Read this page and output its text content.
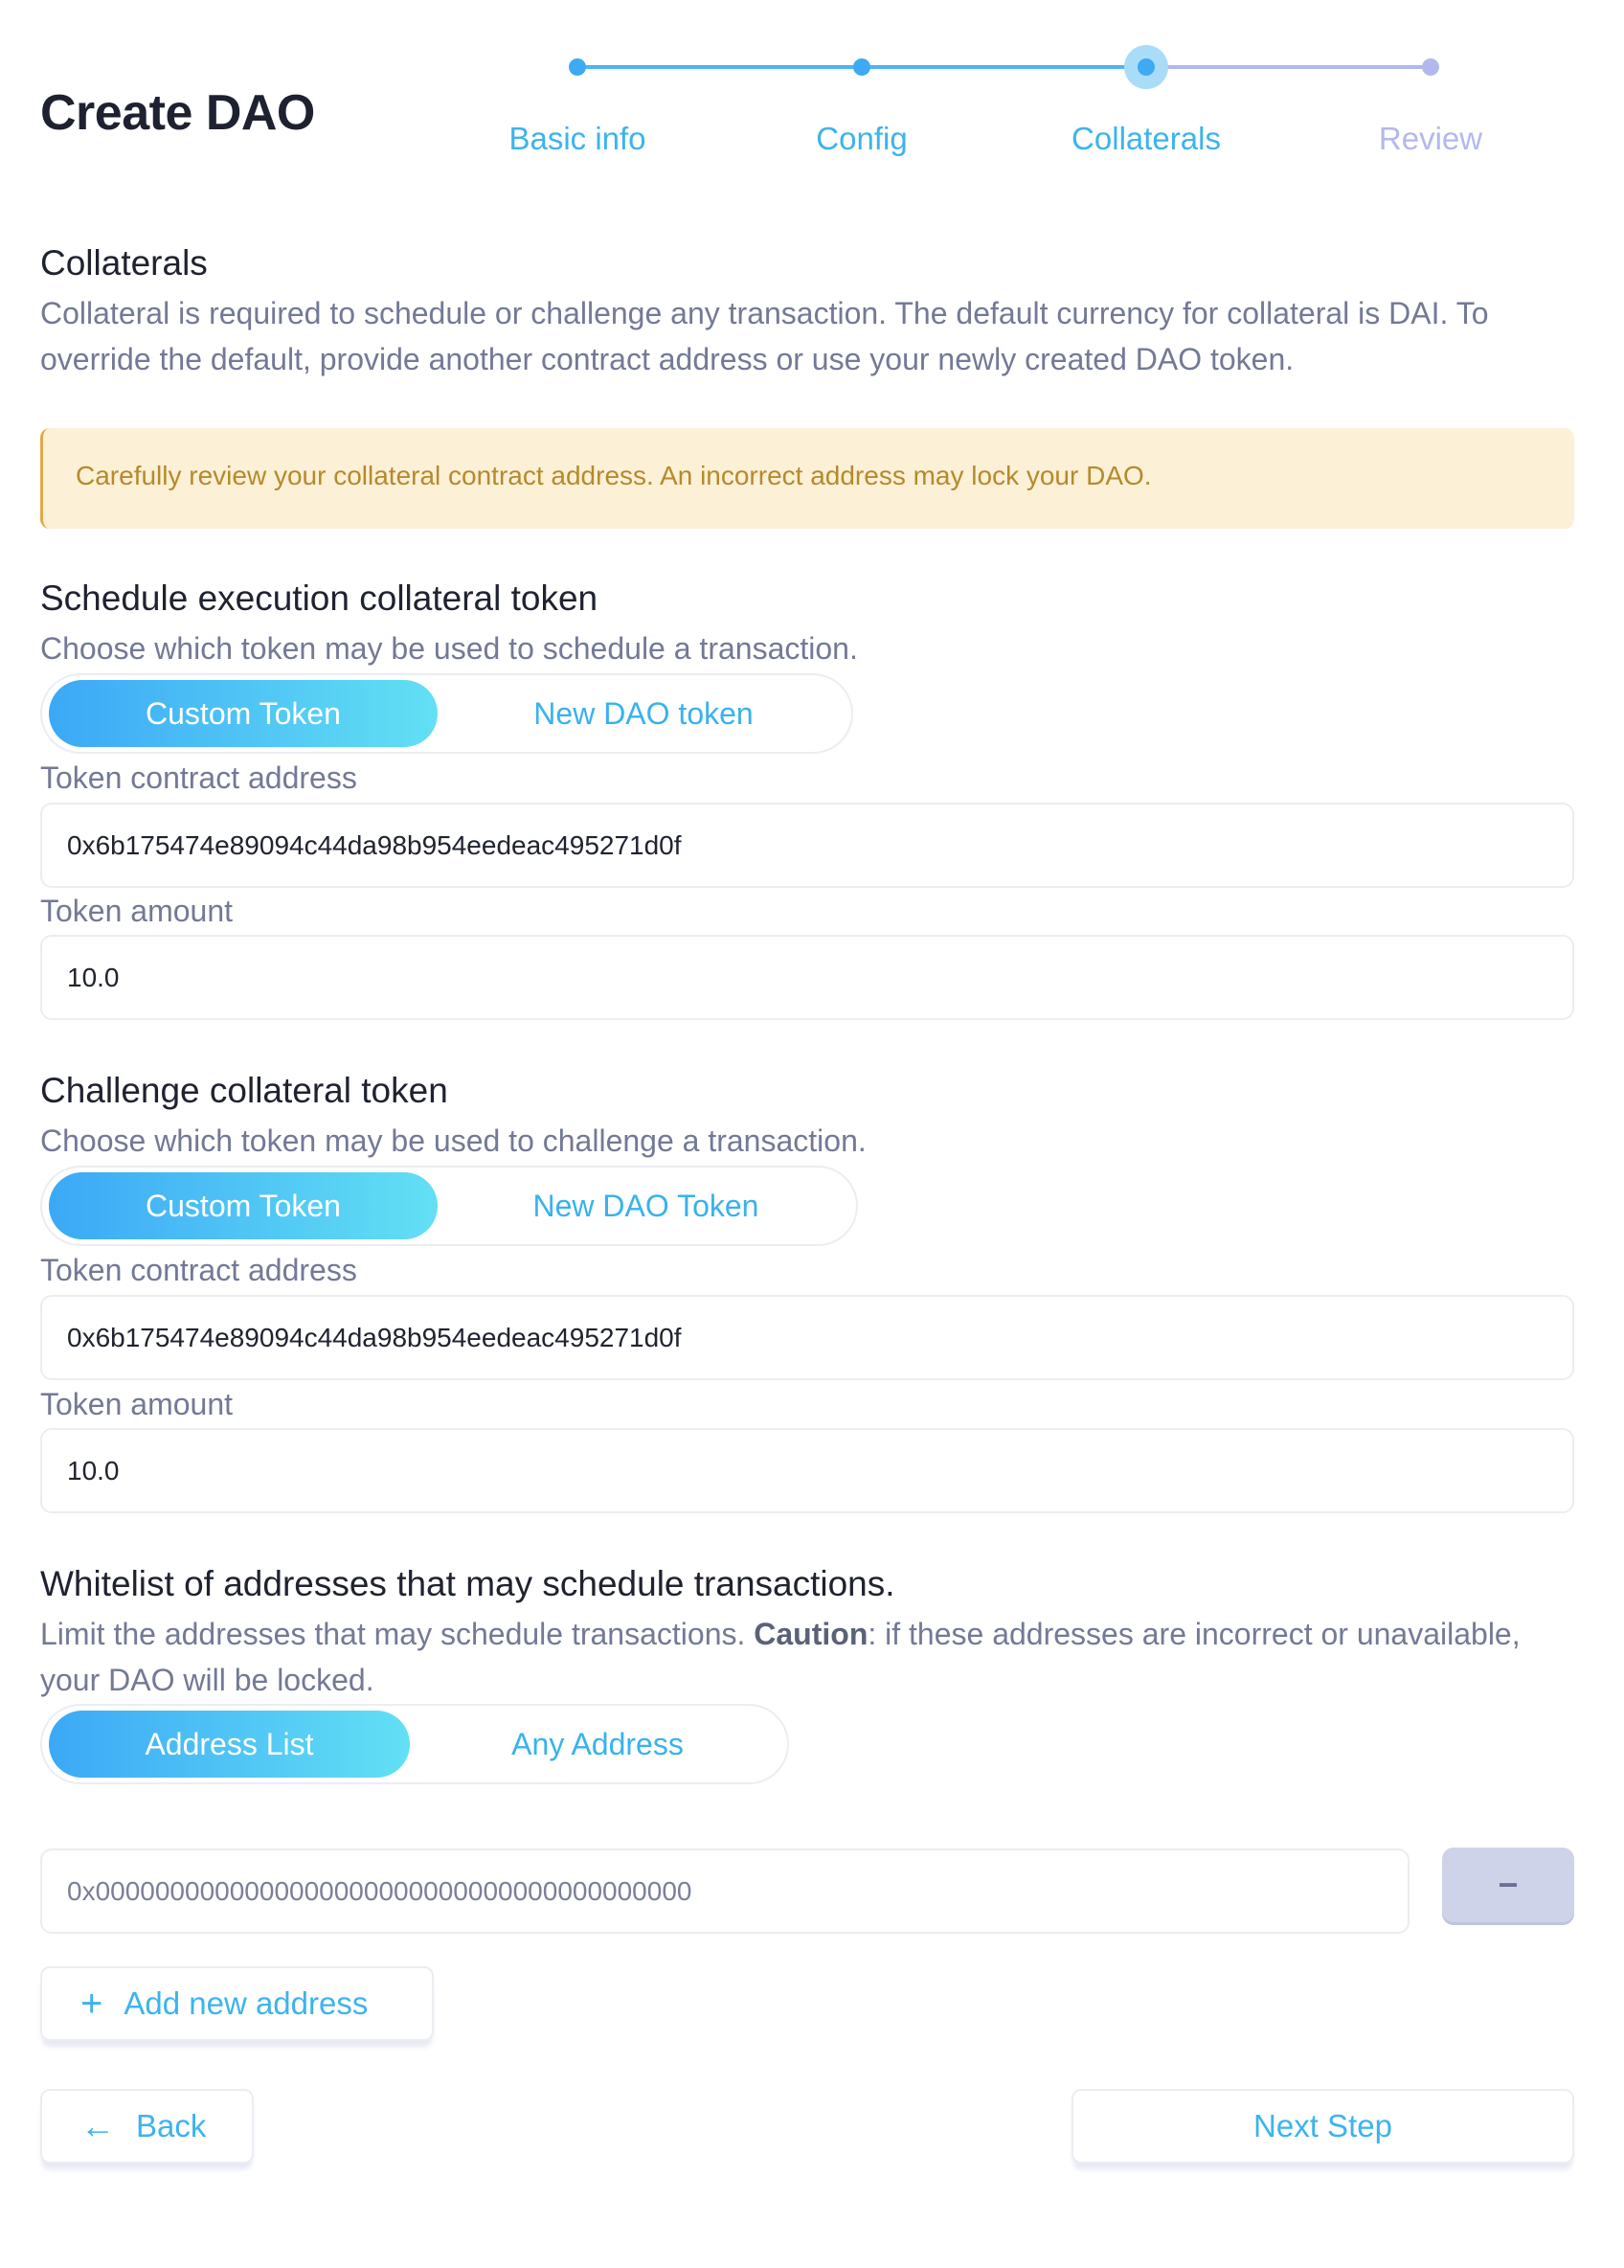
Create DAO	Basic info	Config	Collaterals	Review
Collaterals
Collateral is required to schedule or challenge any transaction. The default currency for collateral is DAI. To override the default, provide another contract address or use your newly created DAO token.
Carefully review your collateral contract address. An incorrect address may lock your DAO.
Schedule execution collateral token
Choose which token may be used to schedule a transaction.
Custom Token	New DAO token
Token contract address
0x6b175474e89094c44da98b954eedeac495271d0f
Token amount
10.0
Challenge collateral token
Choose which token may be used to challenge a transaction.
Custom Token	New DAO Token
Token contract address
0x6b175474e89094c44da98b954eedeac495271d0f
Token amount
10.0
Whitelist of addresses that may schedule transactions.
Limit the addresses that may schedule transactions. Caution: if these addresses are incorrect or unavailable, your DAO will be locked.
Address List	Any Address
0x0000000000000000000000000000000000000000	−
+ Add new address
← Back	Next Step
